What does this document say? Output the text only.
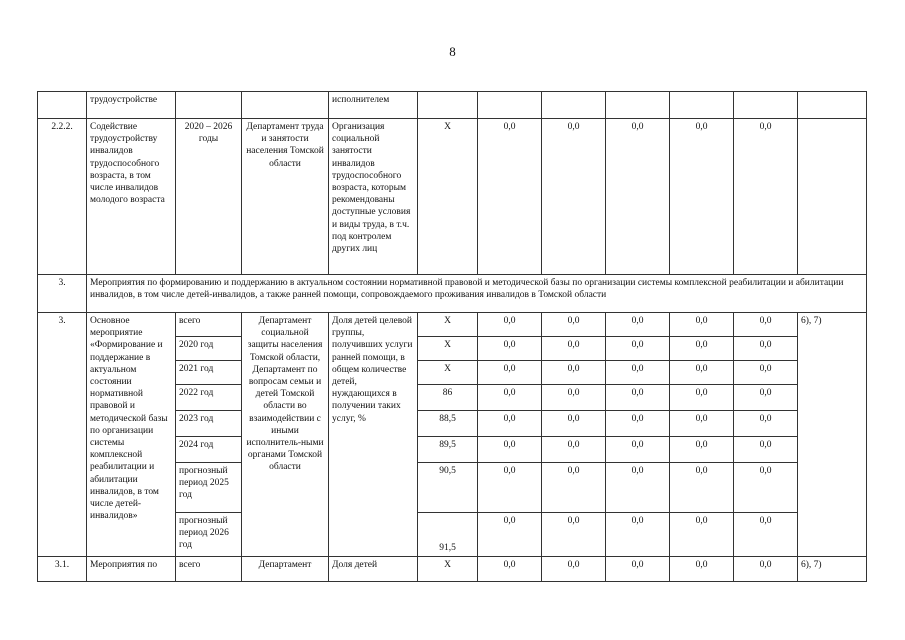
8
	трудоустройстве			исполнителем							
2.2.2.	Содействие трудоустройству инвалидов трудоспособного возраста, в том числе инвалидов молодого возраста	2020 – 2026 годы	Департамент труда и занятости населения Томской области	Организация социальной занятости инвалидов трудоспособного возраста, которым рекомендованы доступные условия и виды труда, в т.ч. под контролем других лиц	X	0,0	0,0	0,0	0,0	0,0	
3.	Мероприятия по формированию и поддержанию в актуальном состоянии нормативной правовой и методической базы по организации системы комплексной реабилитации и абилитации инвалидов, в том числе детей-инвалидов, а также ранней помощи, сопровождаемого проживания инвалидов в Томской области										
3.	Основное мероприятие «Формирование и поддержание в актуальном состоянии нормативной правовой и методической базы по организации системы комплексной реабилитации и абилитации инвалидов, в том числе детей-инвалидов»	всего	Департамент социальной защиты населения Томской области, Департамент по вопросам семьи и детей Томской области во взаимодействии с иными исполнитель-ными органами Томской области	Доля детей целевой группы, получивших услуги ранней помощи, в общем количестве детей, нуждающихся в получении таких услуг, %	X	0,0	0,0	0,0	0,0	0,0	6), 7)
		2020 год			X	0,0	0,0	0,0	0,0	0,0	
		2021 год			X	0,0	0,0	0,0	0,0	0,0	
		2022 год			86	0,0	0,0	0,0	0,0	0,0	
		2023 год			88,5	0,0	0,0	0,0	0,0	0,0	
		2024 год			89,5	0,0	0,0	0,0	0,0	0,0	
		прогнозный период 2025 год			90,5	0,0	0,0	0,0	0,0	0,0	
		прогнозный период 2026 год			91,5	0,0	0,0	0,0	0,0	0,0	
3.1.	Мероприятия по	всего	Департамент	Доля детей	X	0,0	0,0	0,0	0,0	0,0	6), 7)
